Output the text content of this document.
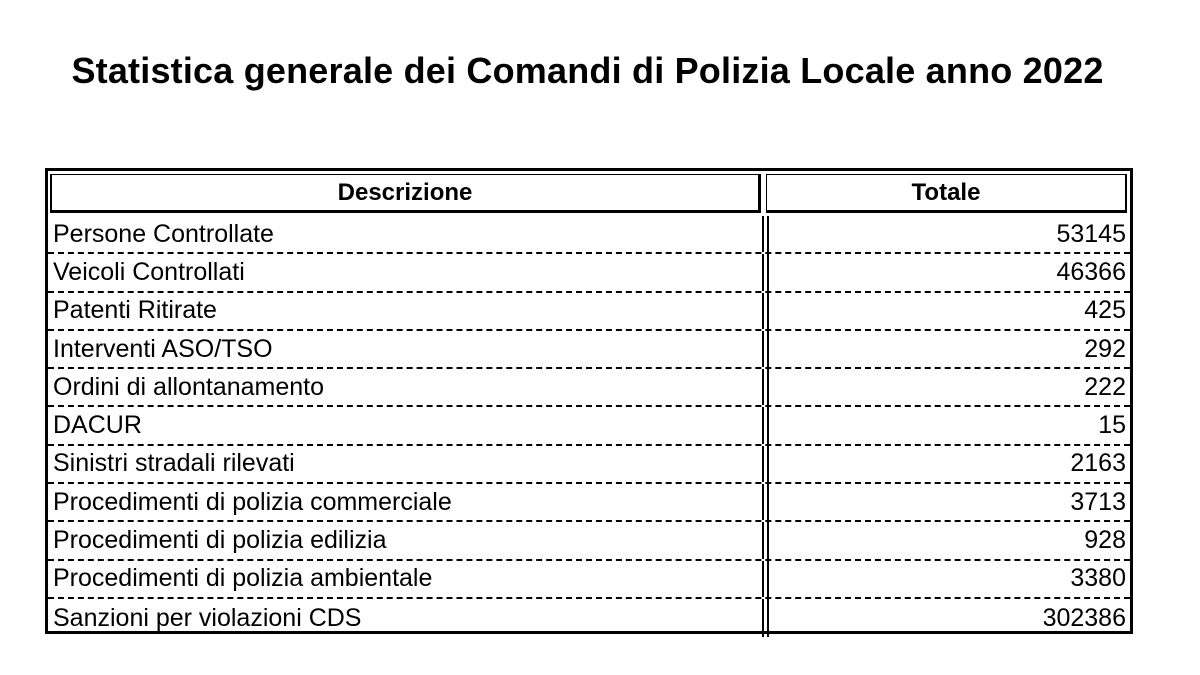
Statistica generale dei Comandi di Polizia Locale anno 2022
Descrizione	Totale
Persone Controllate	53145
Veicoli Controllati	46366
Patenti Ritirate	425
Interventi ASO/TSO	292
Ordini di allontanamento	222
DACUR	15
Sinistri stradali rilevati	2163
Procedimenti di polizia commerciale	3713
Procedimenti di polizia edilizia	928
Procedimenti di polizia ambientale	3380
Sanzioni per violazioni CDS	302386
